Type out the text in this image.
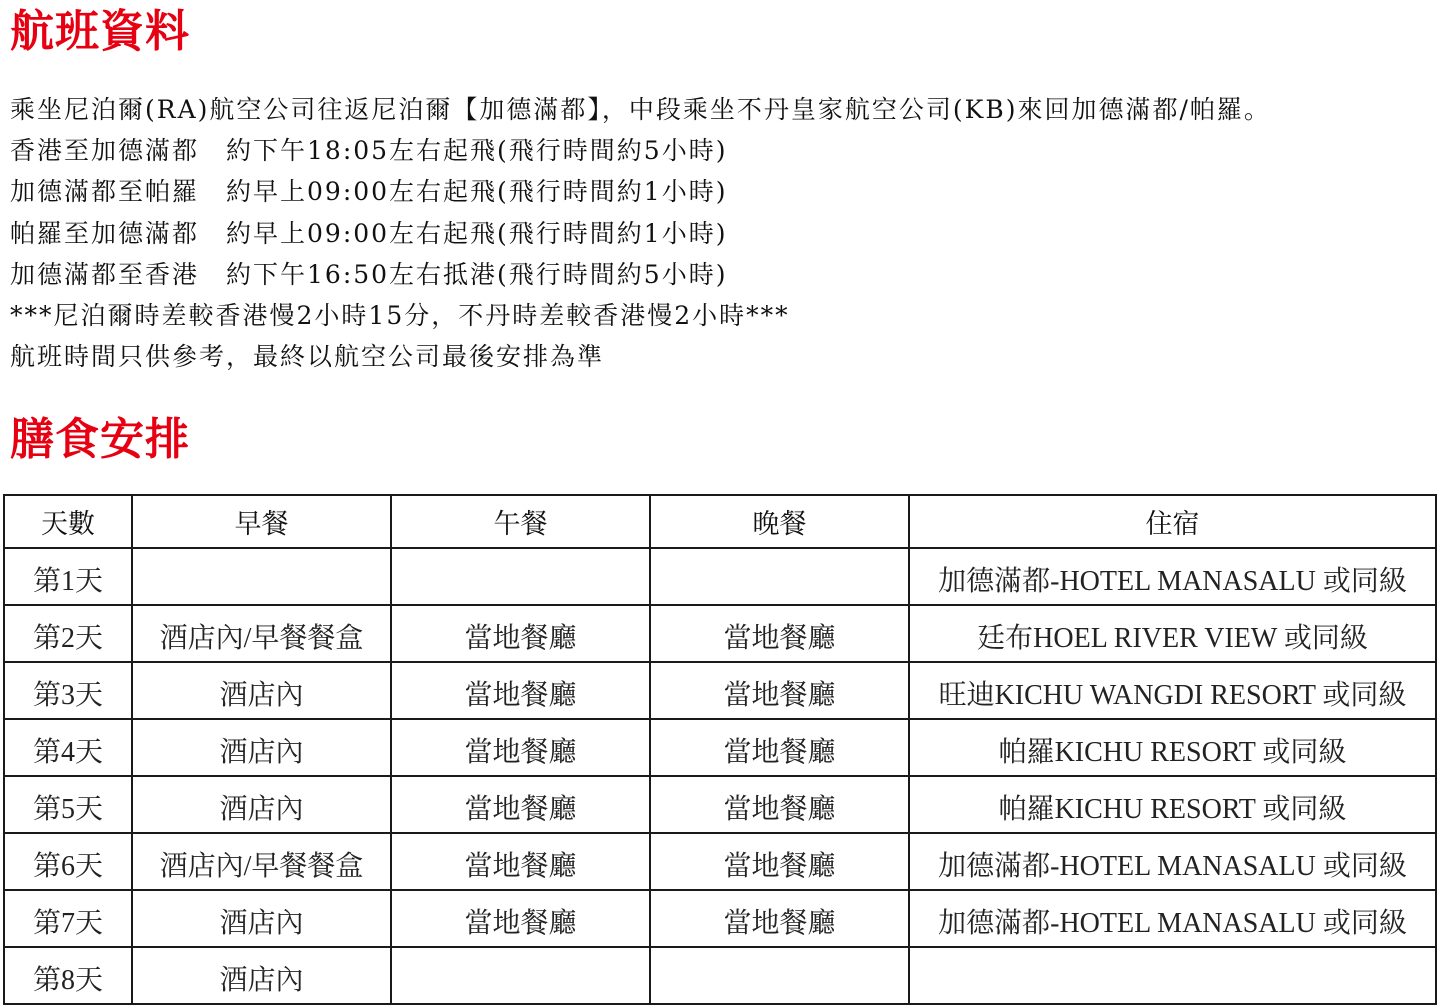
航班資料
乘坐尼泊爾(RA)航空公司往返尼泊爾【加德滿都】，中段乘坐不丹皇家航空公司(KB)來回加德滿都/帕羅。
香港至加德滿都　約下午18:05左右起飛(飛行時間約5小時)
加德滿都至帕羅　約早上09:00左右起飛(飛行時間約1小時)
帕羅至加德滿都　約早上09:00左右起飛(飛行時間約1小時)
加德滿都至香港　約下午16:50左右抵港(飛行時間約5小時)
***尼泊爾時差較香港慢2小時15分，不丹時差較香港慢2小時***
航班時間只供參考，最終以航空公司最後安排為準
膳食安排
天數	早餐	午餐	晚餐	住宿
第1天				加德滿都-HOTEL MANASALU 或同級
第2天	酒店內/早餐餐盒	當地餐廳	當地餐廳	廷布HOEL RIVER VIEW 或同級
第3天	酒店內	當地餐廳	當地餐廳	旺迪KICHU WANGDI RESORT 或同級
第4天	酒店內	當地餐廳	當地餐廳	帕羅KICHU RESORT 或同級
第5天	酒店內	當地餐廳	當地餐廳	帕羅KICHU RESORT 或同級
第6天	酒店內/早餐餐盒	當地餐廳	當地餐廳	加德滿都-HOTEL MANASALU 或同級
第7天	酒店內	當地餐廳	當地餐廳	加德滿都-HOTEL MANASALU 或同級
第8天	酒店內			
